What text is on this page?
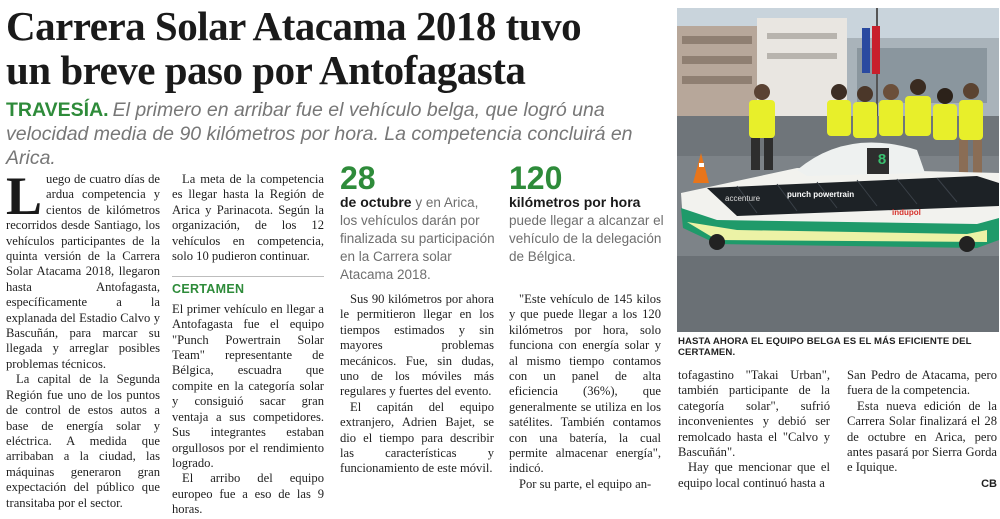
Carrera Solar Atacama 2018 tuvo
un breve paso por Antofagasta
TRAVESÍA. El primero en arribar fue el vehículo belga, que logró una velocidad media de 90 kilómetros por hora. La competencia concluirá en Arica.

Luego de cuatro días de ardua competencia y cientos de kilómetros recorridos desde Santiago, los vehículos participantes de la quinta versión de la Carrera Solar Atacama 2018, llegaron hasta Antofagasta, específicamente a la explanada del Estadio Calvo y Bascuñán, para marcar su llegada y arreglar posibles problemas técnicos.

La capital de la Segunda Región fue uno de los puntos de control de estos autos a base de energía solar y eléctrica. A medida que arribaban a la ciudad, las máquinas generaron gran expectación del público que transitaba por el sector.

La meta de la competencia es llegar hasta la Región de Arica y Parinacota. Según la organización, de los 12 vehículos en competencia, solo 10 pudieron continuar.

CERTAMEN

El primer vehículo en llegar a Antofagasta fue el equipo "Punch Powertrain Solar Team" representante de Bélgica, escuadra que compite en la categoría solar y consiguió sacar gran ventaja a sus competidores. Sus integrantes estaban orgullosos por el rendimiento logrado.

El arribo del equipo europeo fue a eso de las 9 horas.

28
de octubre y en Arica, los vehículos darán por finalizada su participación en la Carrera solar Atacama 2018.
120
kilómetros por hora puede llegar a alcanzar el vehículo de la delegación de Bélgica.

Sus 90 kilómetros por ahora le permitieron llegar en los tiempos estimados y sin mayores problemas mecánicos. Fue, sin dudas, uno de los móviles más regulares y fuertes del evento.

El capitán del equipo extranjero, Adrien Bajet, se dio el tiempo para describir las características y funcionamiento de este móvil.

"Este vehículo de 145 kilos y que puede llegar a los 120 kilómetros por hora, solo funciona con energía solar y al mismo tiempo contamos con un panel de alta eficiencia (36%), que generalmente se utiliza en los satélites. También contamos con una batería, la cual permite almacenar energía", indicó.

Por su parte, el equipo an-

8
accenture	punch powertrain
indupol
HASTA AHORA EL EQUIPO BELGA ES EL MÁS EFICIENTE DEL CERTAMEN.

tofagastino "Takai Urban", también participante de la categoría solar", sufrió inconvenientes y debió ser remolcado hasta el "Calvo y Bascuñán".

Hay que mencionar que el equipo local continuó hasta a

San Pedro de Atacama, pero fuera de la competencia.

Esta nueva edición de la Carrera Solar finalizará el 28 de octubre en Arica, pero antes pasará por Sierra Gorda e Iquique.

CB
